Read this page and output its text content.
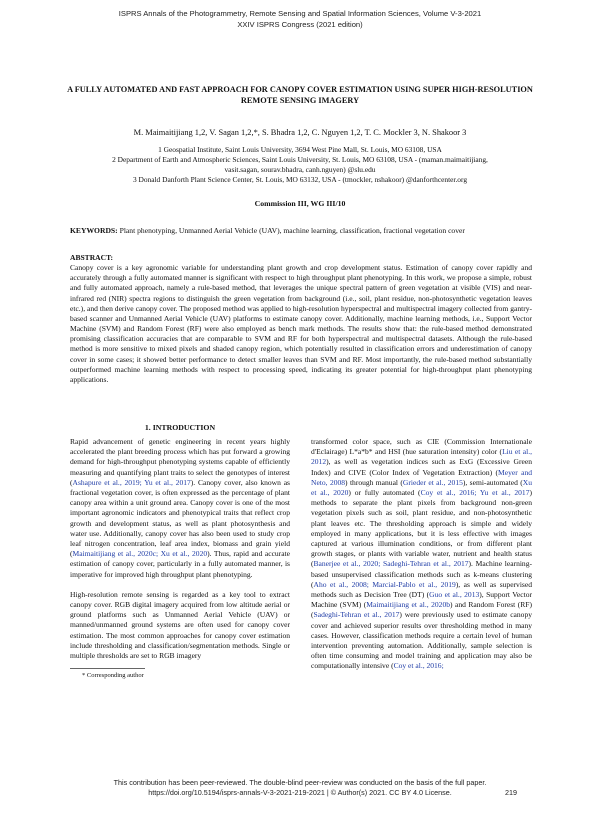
ISPRS Annals of the Photogrammetry, Remote Sensing and Spatial Information Sciences, Volume V-3-2021
XXIV ISPRS Congress (2021 edition)
A FULLY AUTOMATED AND FAST APPROACH FOR CANOPY COVER ESTIMATION USING SUPER HIGH-RESOLUTION REMOTE SENSING IMAGERY
M. Maimaitijiang 1,2, V. Sagan 1,2,*, S. Bhadra 1,2, C. Nguyen 1,2, T. C. Mockler 3, N. Shakoor 3
1 Geospatial Institute, Saint Louis University, 3694 West Pine Mall, St. Louis, MO 63108, USA
2 Department of Earth and Atmospheric Sciences, Saint Louis University, St. Louis, MO 63108, USA - (maman.maimaitijiang,
vasit.sagan, sourav.bhadra, canh.nguyen) @slu.edu
3 Donald Danforth Plant Science Center, St. Louis, MO 63132, USA - (tmockler, nshakoor) @danforthcenter.org
Commission III, WG III/10
KEYWORDS: Plant phenotyping, Unmanned Aerial Vehicle (UAV), machine learning, classification, fractional vegetation cover
ABSTRACT:
Canopy cover is a key agronomic variable for understanding plant growth and crop development status. Estimation of canopy cover rapidly and accurately through a fully automated manner is significant with respect to high throughput plant phenotyping. In this work, we propose a simple, robust and fully automated approach, namely a rule-based method, that leverages the unique spectral pattern of green vegetation at visible (VIS) and near-infrared red (NIR) spectra regions to distinguish the green vegetation from background (i.e., soil, plant residue, non-photosynthetic vegetation leaves etc.), and then derive canopy cover. The proposed method was applied to high-resolution hyperspectral and multispectral imagery collected from gantry-based scanner and Unmanned Aerial Vehicle (UAV) platforms to estimate canopy cover. Additionally, machine learning methods, i.e., Support Vector Machine (SVM) and Random Forest (RF) were also employed as bench mark methods. The results show that: the rule-based method demonstrated promising classification accuracies that are comparable to SVM and RF for both hyperspectral and multispectral datasets. Although the rule-based method is more sensitive to mixed pixels and shaded canopy region, which potentially resulted in classification errors and underestimation of canopy cover in some cases; it showed better performance to detect smaller leaves than SVM and RF. Most importantly, the rule-based method substantially outperformed machine learning methods with respect to processing speed, indicating its greater potential for high-throughput plant phenotyping applications.
1. INTRODUCTION
Rapid advancement of genetic engineering in recent years highly accelerated the plant breeding process which has put forward a growing demand for high-throughput phenotyping systems capable of efficiently measuring and quantifying plant traits to select the genotypes of interest (Ashapure et al., 2019; Yu et al., 2017). Canopy cover, also known as fractional vegetation cover, is often expressed as the percentage of plant canopy area within a unit ground area. Canopy cover is one of the most important agronomic indicators and phenotypical traits that reflect crop growth and development status, as well as plant photosynthesis and water use. Additionally, canopy cover has also been used to study crop leaf nitrogen concentration, leaf area index, biomass and grain yield (Maimaitijiang et al., 2020c; Xu et al., 2020). Thus, rapid and accurate estimation of canopy cover, particularly in a fully automated manner, is imperative for improved high throughput plant phenotyping.
High-resolution remote sensing is regarded as a key tool to extract canopy cover. RGB digital imagery acquired from low altitude aerial or ground platforms such as Unmanned Aerial Vehicle (UAV) or manned/unmanned ground systems are often used for canopy cover estimation. The most common approaches for canopy cover estimation include thresholding and classification/segmentation methods. Single or multiple thresholds are set to RGB imagery
transformed color space, such as CIE (Commission Internationale d'Eclairage) L*a*b* and HSI (hue saturation intensity) color (Liu et al., 2012), as well as vegetation indices such as ExG (Excessive Green Index) and CIVE (Color Index of Vegetation Extraction) (Meyer and Neto, 2008) through manual (Grieder et al., 2015), semi-automated (Xu et al., 2020) or fully automated (Coy et al., 2016; Yu et al., 2017) methods to separate the plant pixels from background non-green vegetation pixels such as soil, plant residue, and non-photosynthetic plant leaves etc. The thresholding approach is simple and widely employed in many applications, but it is less effective with images captured at various illumination conditions, or from different plant growth stages, or plants with variable water, nutrient and health status (Banerjee et al., 2020; Sadeghi-Tehran et al., 2017). Machine learning-based unsupervised classification methods such as k-means clustering (Aho et al., 2008; Marcial-Pablo et al., 2019), as well as supervised methods such as Decision Tree (DT) (Guo et al., 2013), Support Vector Machine (SVM) (Maimaitijiang et al., 2020b) and Random Forest (RF) (Sadeghi-Tehran et al., 2017) were previously used to estimate canopy cover and achieved superior results over thresholding method in many cases. However, classification methods require a certain level of human intervention preventing automation. Additionally, sample selection is often time consuming and model training and application may also be computationally intensive (Coy et al., 2016;
* Corresponding author
This contribution has been peer-reviewed. The double-blind peer-review was conducted on the basis of the full paper.
https://doi.org/10.5194/isprs-annals-V-3-2021-219-2021 | © Author(s) 2021. CC BY 4.0 License.	219
